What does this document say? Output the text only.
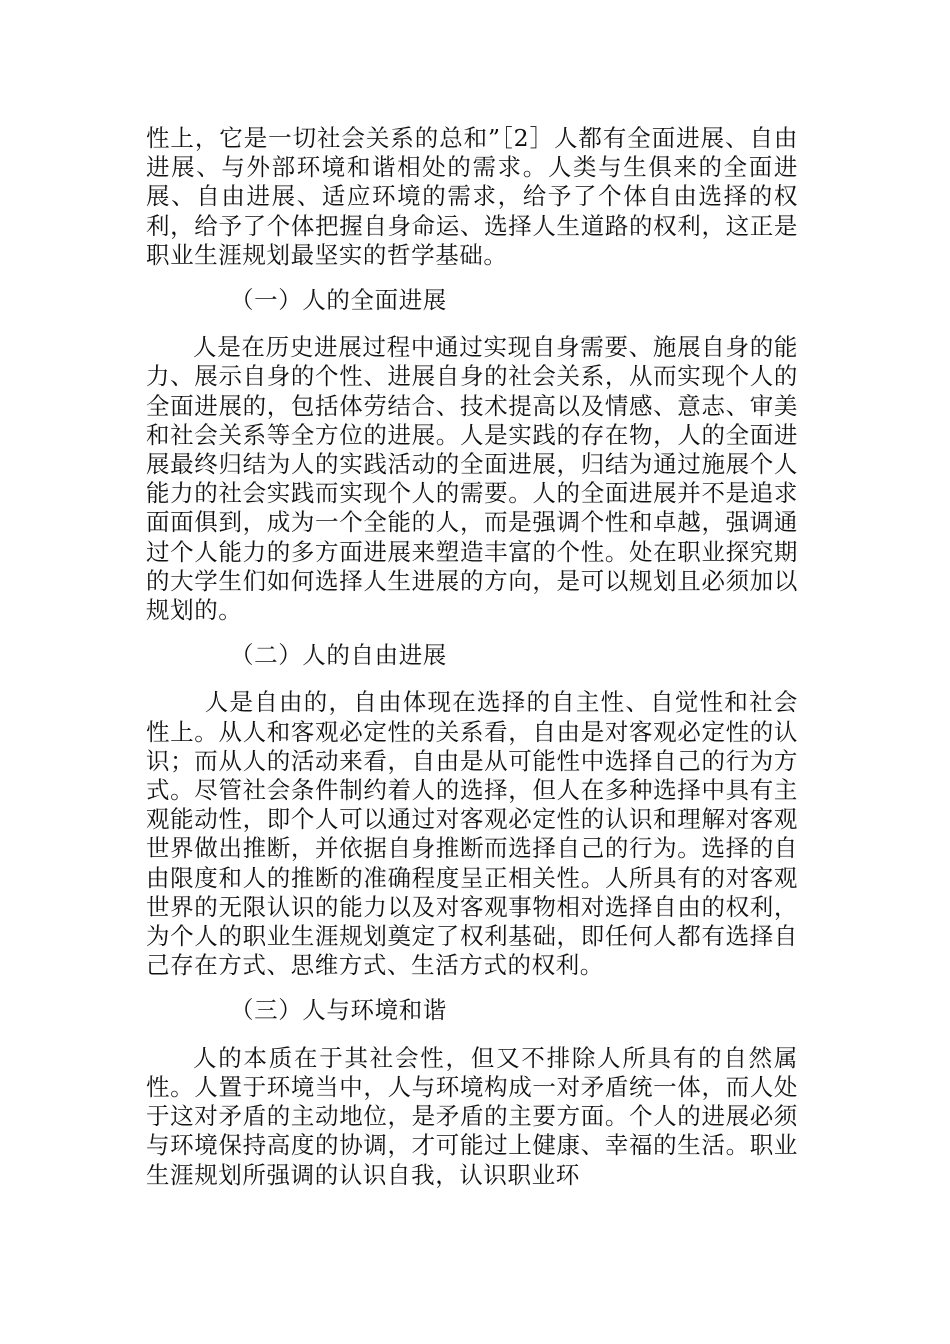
性上，它是一切社会关系的总和”［2］人都有全面进展、自由进展、与外部环境和谐相处的需求。人类与生俱来的全面进展、自由进展、适应环境的需求，给予了个体自由选择的权利，给予了个体把握自身命运、选择人生道路的权利，这正是职业生涯规划最坚实的哲学基础。

（一）人的全面进展

人是在历史进展过程中通过实现自身需要、施展自身的能力、展示自身的个性、进展自身的社会关系，从而实现个人的全面进展的，包括体劳结合、技术提高以及情感、意志、审美和社会关系等全方位的进展。人是实践的存在物，人的全面进展最终归结为人的实践活动的全面进展，归结为通过施展个人能力的社会实践而实现个人的需要。人的全面进展并不是追求面面俱到，成为一个全能的人，而是强调个性和卓越，强调通过个人能力的多方面进展来塑造丰富的个性。处在职业探究期的大学生们如何选择人生进展的方向，是可以规划且必须加以规划的。

（二）人的自由进展

人是自由的，自由体现在选择的自主性、自觉性和社会性上。从人和客观必定性的关系看，自由是对客观必定性的认识；而从人的活动来看，自由是从可能性中选择自己的行为方式。尽管社会条件制约着人的选择，但人在多种选择中具有主观能动性，即个人可以通过对客观必定性的认识和理解对客观世界做出推断，并依据自身推断而选择自己的行为。选择的自由限度和人的推断的准确程度呈正相关性。人所具有的对客观世界的无限认识的能力以及对客观事物相对选择自由的权利，为个人的职业生涯规划奠定了权利基础，即任何人都有选择自己存在方式、思维方式、生活方式的权利。

（三）人与环境和谐

人的本质在于其社会性，但又不排除人所具有的自然属性。人置于环境当中，人与环境构成一对矛盾统一体，而人处于这对矛盾的主动地位，是矛盾的主要方面。个人的进展必须与环境保持高度的协调，才可能过上健康、幸福的生活。职业生涯规划所强调的认识自我，认识职业环
